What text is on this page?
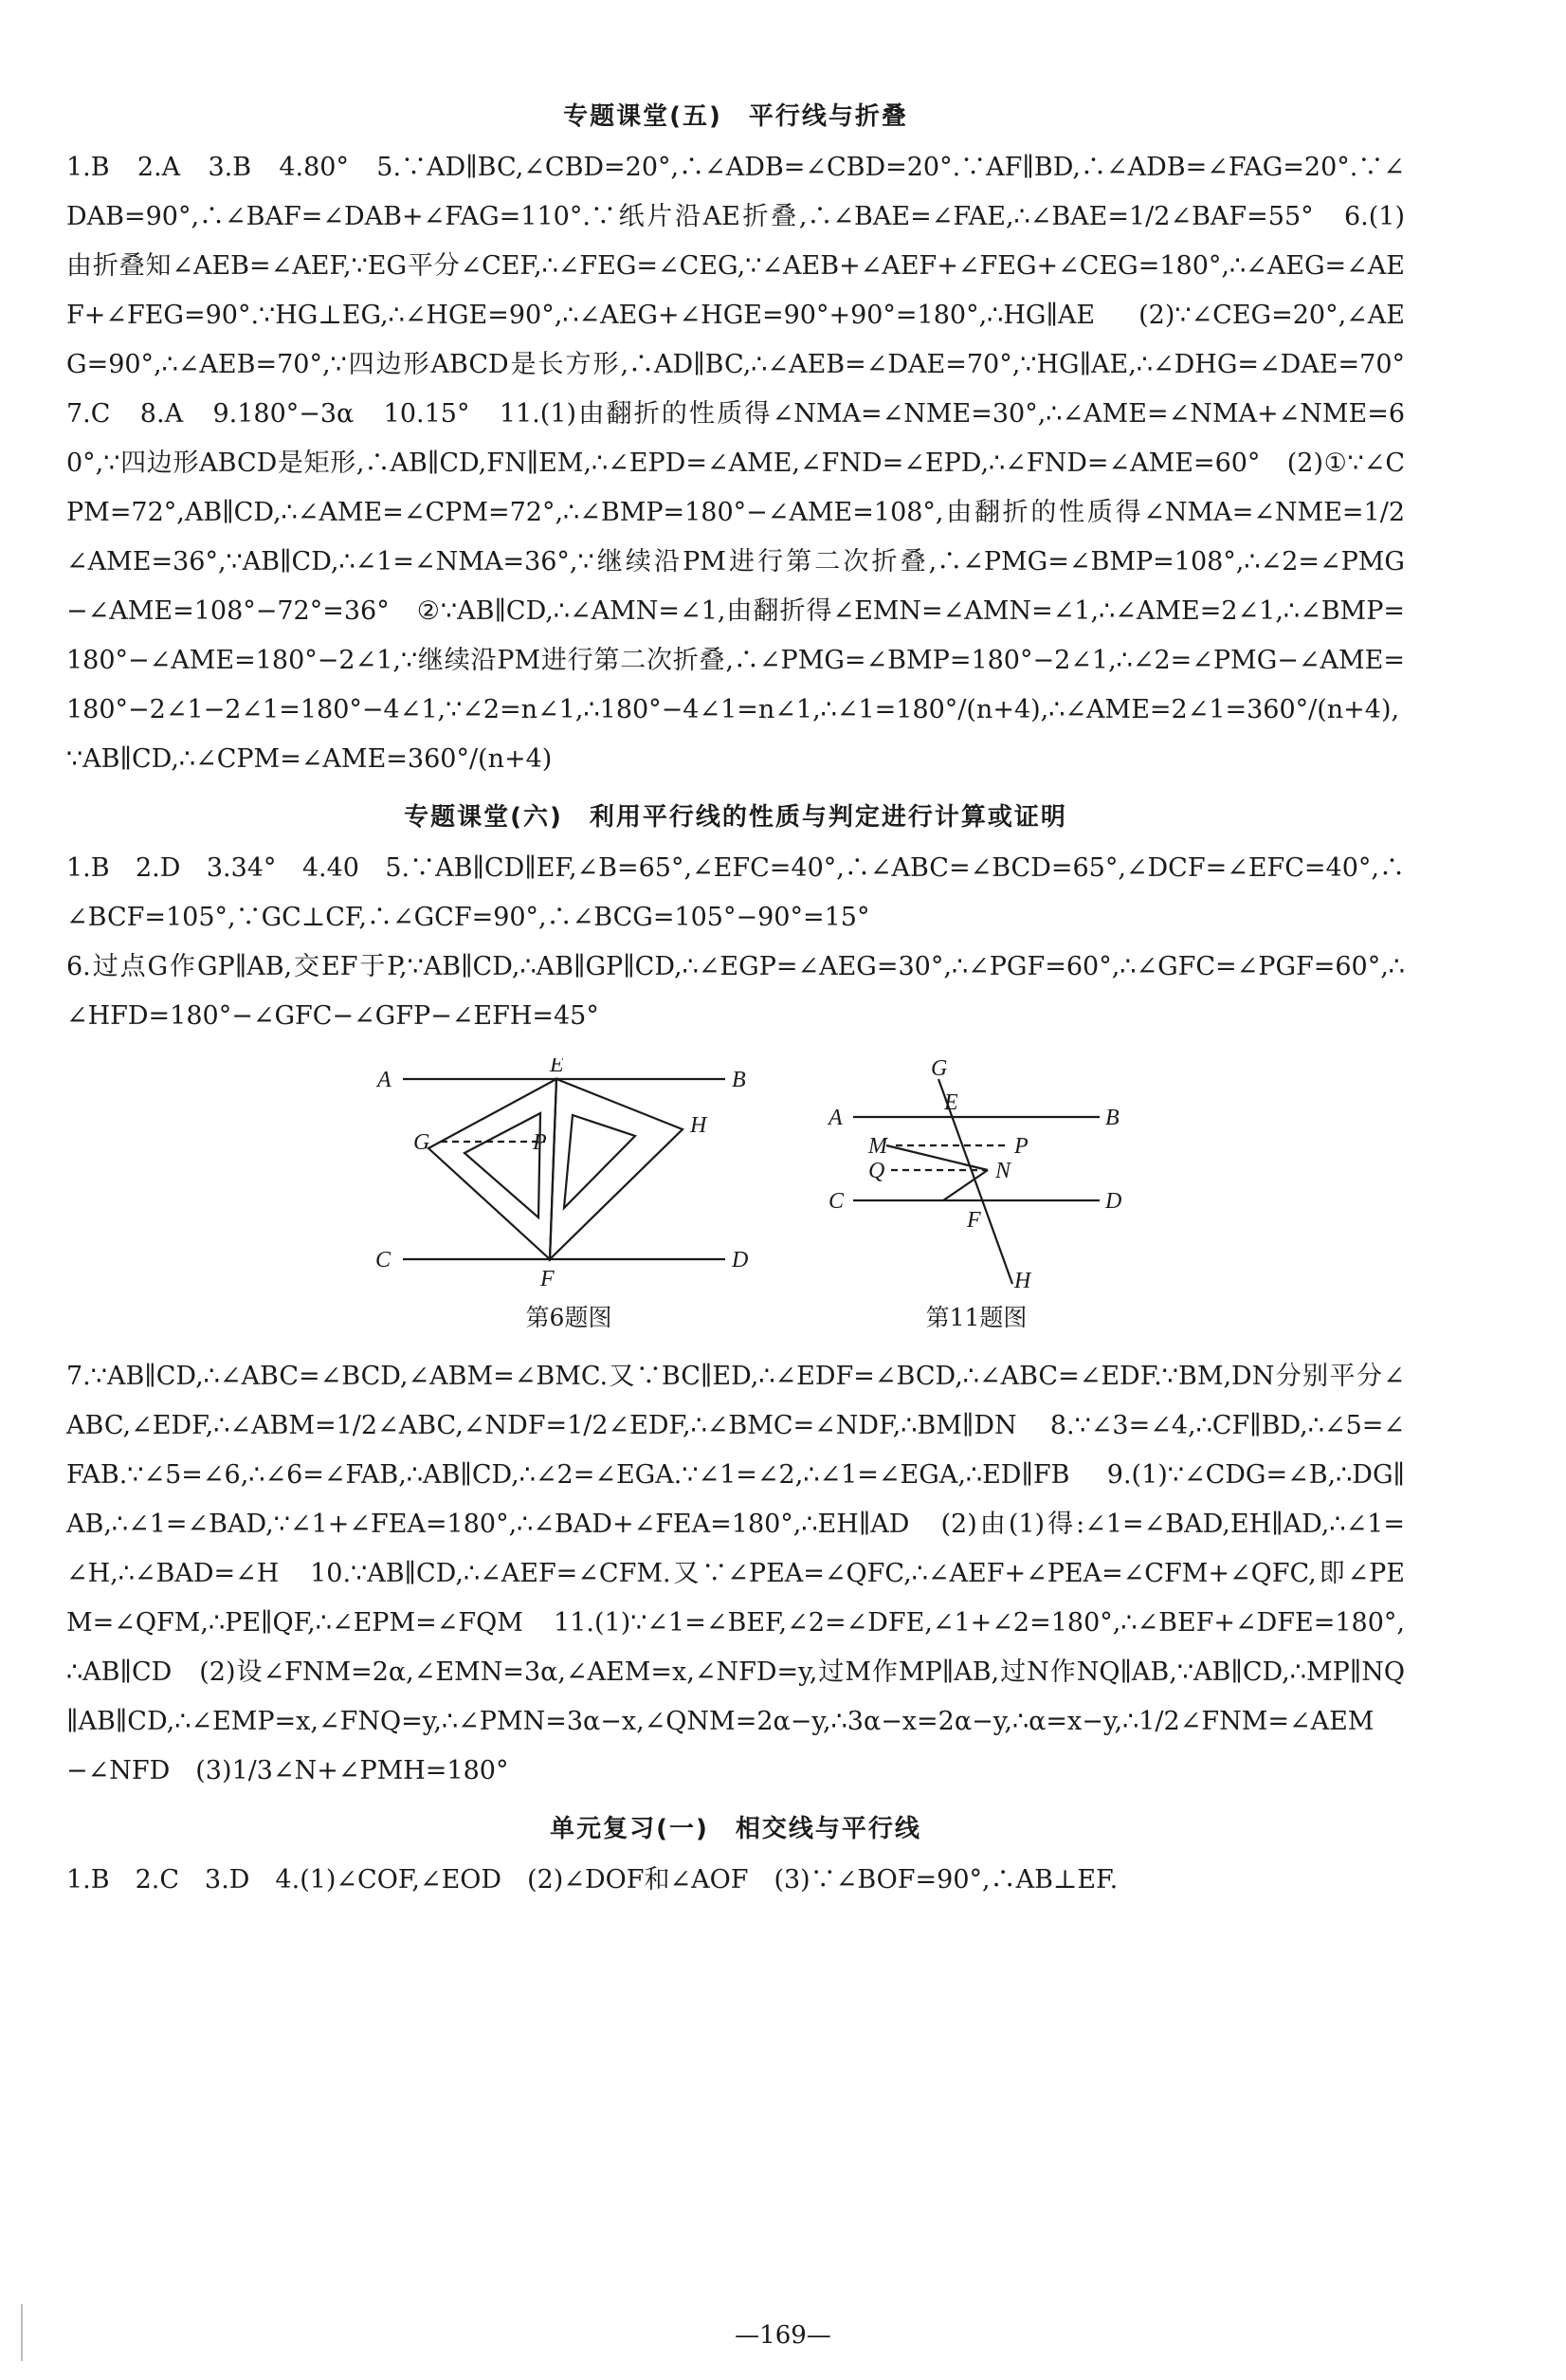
专题课堂(五)　平行线与折叠

1.B　2.A　3.B　4.80°　5.∵AD∥BC,∠CBD=20°,∴∠ADB=∠CBD=20°.∵AF∥BD,∴∠ADB=∠FAG=20°.∵∠DAB=90°,∴∠BAF=∠DAB+∠FAG=110°.∵纸片沿AE折叠,∴∠BAE=∠FAE,∴∠BAE=1/2∠BAF=55°　6.(1)由折叠知∠AEB=∠AEF,∵EG平分∠CEF,∴∠FEG=∠CEG,∵∠AEB+∠AEF+∠FEG+∠CEG=180°,∴∠AEG=∠AEF+∠FEG=90°.∵HG⊥EG,∴∠HGE=90°,∴∠AEG+∠HGE=90°+90°=180°,∴HG∥AE　(2)∵∠CEG=20°,∠AEG=90°,∴∠AEB=70°,∵四边形ABCD是长方形,∴AD∥BC,∴∠AEB=∠DAE=70°,∵HG∥AE,∴∠DHG=∠DAE=70°　7.C　8.A　9.180°−3α　10.15°　11.(1)由翻折的性质得∠NMA=∠NME=30°,∴∠AME=∠NMA+∠NME=60°,∵四边形ABCD是矩形,∴AB∥CD,FN∥EM,∴∠EPD=∠AME,∠FND=∠EPD,∴∠FND=∠AME=60°　(2)①∵∠CPM=72°,AB∥CD,∴∠AME=∠CPM=72°,∴∠BMP=180°−∠AME=108°,由翻折的性质得∠NMA=∠NME=1/2∠AME=36°,∵AB∥CD,∴∠1=∠NMA=36°,∵继续沿PM进行第二次折叠,∴∠PMG=∠BMP=108°,∴∠2=∠PMG−∠AME=108°−72°=36°　②∵AB∥CD,∴∠AMN=∠1,由翻折得∠EMN=∠AMN=∠1,∴∠AME=2∠1,∴∠BMP=180°−∠AME=180°−2∠1,∵继续沿PM进行第二次折叠,∴∠PMG=∠BMP=180°−2∠1,∴∠2=∠PMG−∠AME=180°−2∠1−2∠1=180°−4∠1,∵∠2=n∠1,∴180°−4∠1=n∠1,∴∠1=180°/(n+4),∴∠AME=2∠1=360°/(n+4),∵AB∥CD,∴∠CPM=∠AME=360°/(n+4)

专题课堂(六)　利用平行线的性质与判定进行计算或证明

1.B　2.D　3.34°　4.40　5.∵AB∥CD∥EF,∠B=65°,∠EFC=40°,∴∠ABC=∠BCD=65°,∠DCF=∠EFC=40°,∴∠BCF=105°,∵GC⊥CF,∴∠GCF=90°,∴∠BCG=105°−90°=15°

6.过点G作GP∥AB,交EF于P,∵AB∥CD,∴AB∥GP∥CD,∴∠EGP=∠AEG=30°,∴∠PGF=60°,∴∠GFC=∠PGF=60°,∴∠HFD=180°−∠GFC−∠GFP−∠EFH=45°

A	B
E
H
G	P
C	D
F
第6题图
G
E
A	B
M	P
Q	N
C	D
F
H
第11题图

7.∵AB∥CD,∴∠ABC=∠BCD,∠ABM=∠BMC.又∵BC∥ED,∴∠EDF=∠BCD,∴∠ABC=∠EDF.∵BM,DN分别平分∠ABC,∠EDF,∴∠ABM=1/2∠ABC,∠NDF=1/2∠EDF,∴∠BMC=∠NDF,∴BM∥DN　8.∵∠3=∠4,∴CF∥BD,∴∠5=∠FAB.∵∠5=∠6,∴∠6=∠FAB,∴AB∥CD,∴∠2=∠EGA.∵∠1=∠2,∴∠1=∠EGA,∴ED∥FB　9.(1)∵∠CDG=∠B,∴DG∥AB,∴∠1=∠BAD,∵∠1+∠FEA=180°,∴∠BAD+∠FEA=180°,∴EH∥AD　(2)由(1)得:∠1=∠BAD,EH∥AD,∴∠1=∠H,∴∠BAD=∠H　10.∵AB∥CD,∴∠AEF=∠CFM.又∵∠PEA=∠QFC,∴∠AEF+∠PEA=∠CFM+∠QFC,即∠PEM=∠QFM,∴PE∥QF,∴∠EPM=∠FQM　11.(1)∵∠1=∠BEF,∠2=∠DFE,∠1+∠2=180°,∴∠BEF+∠DFE=180°,∴AB∥CD　(2)设∠FNM=2α,∠EMN=3α,∠AEM=x,∠NFD=y,过M作MP∥AB,过N作NQ∥AB,∵AB∥CD,∴MP∥NQ∥AB∥CD,∴∠EMP=x,∠FNQ=y,∴∠PMN=3α−x,∠QNM=2α−y,∴3α−x=2α−y,∴α=x−y,∴1/2∠FNM=∠AEM−∠NFD　(3)1/3∠N+∠PMH=180°

单元复习(一)　相交线与平行线

1.B　2.C　3.D　4.(1)∠COF,∠EOD　(2)∠DOF和∠AOF　(3)∵∠BOF=90°,∴AB⊥EF.

—169—
